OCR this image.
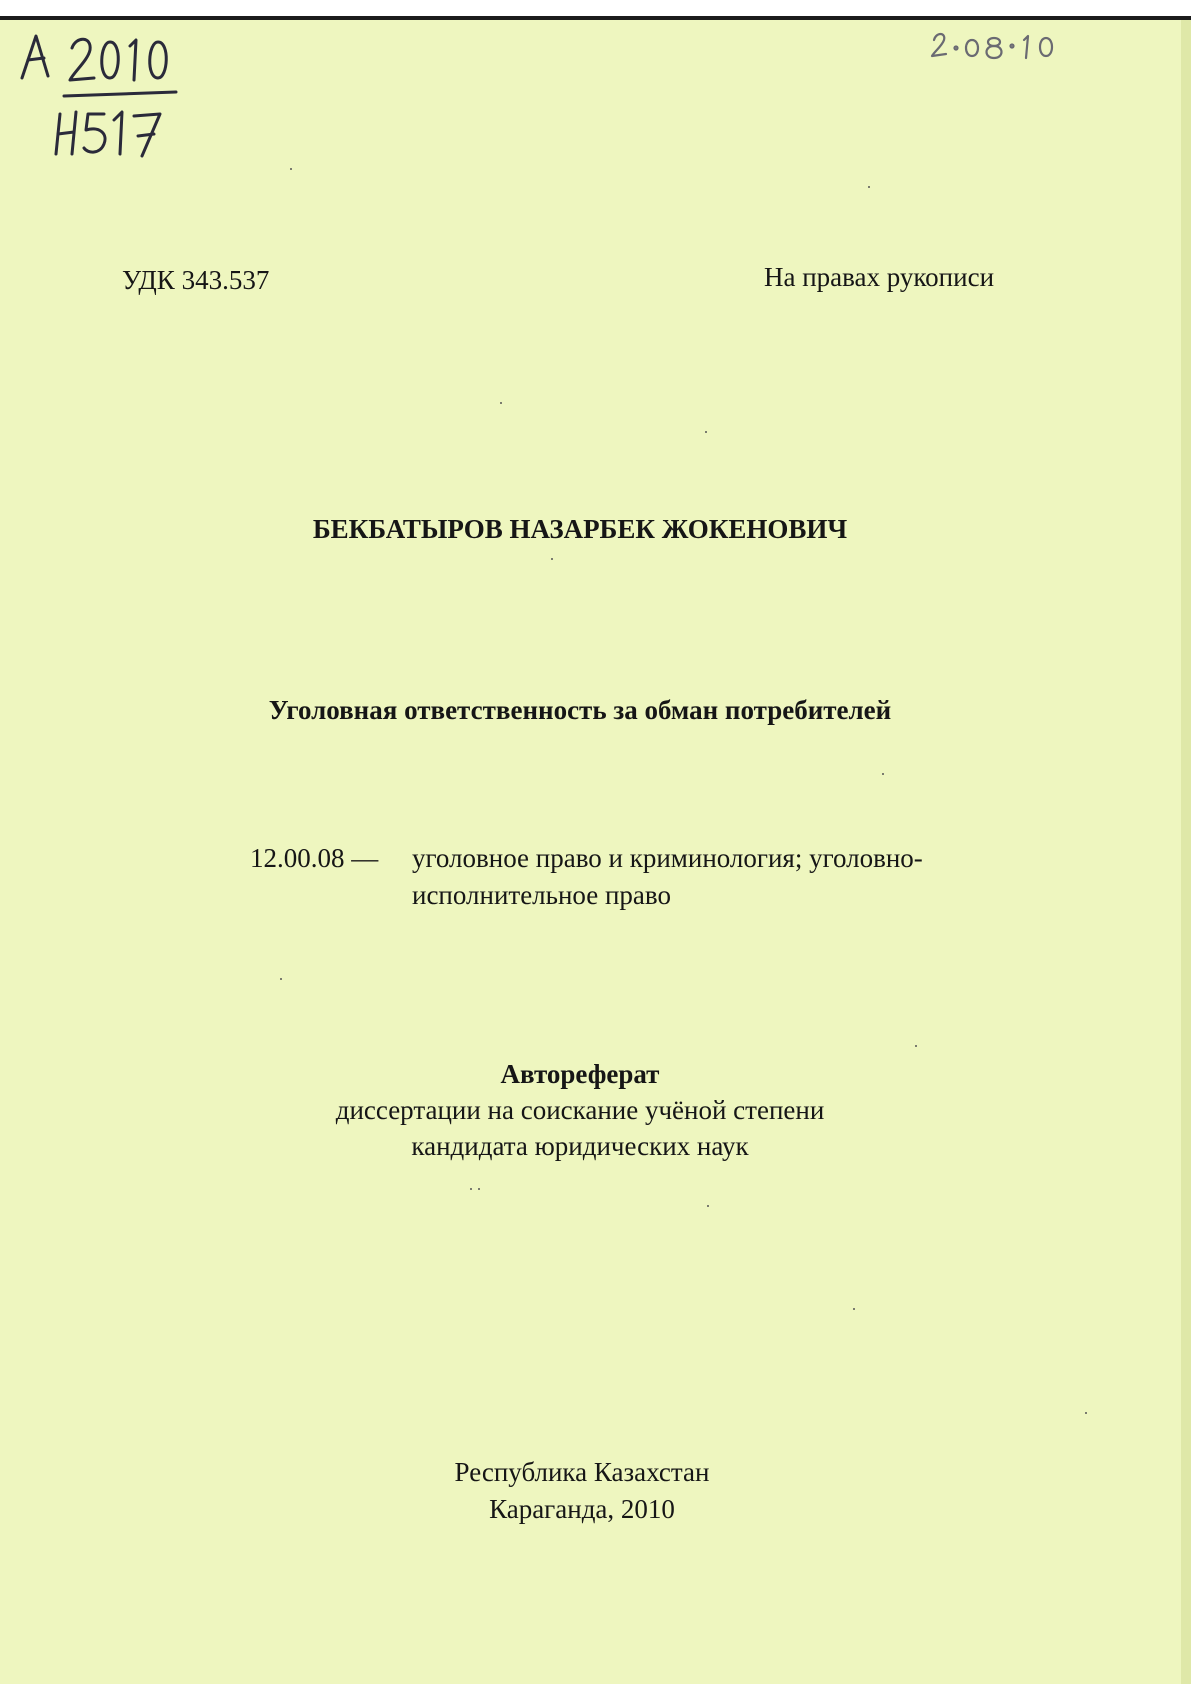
УДК 343.537	На правах рукописи
БЕКБАТЫРОВ НАЗАРБЕК ЖОКЕНОВИЧ
Уголовная ответственность за обман потребителей
12.00.08 — уголовное право и криминология; уголовно-
исполнительное право
Автореферат
диссертации на соискание учёной степени
кандидата юридических наук
Республика Казахстан
Караганда, 2010
